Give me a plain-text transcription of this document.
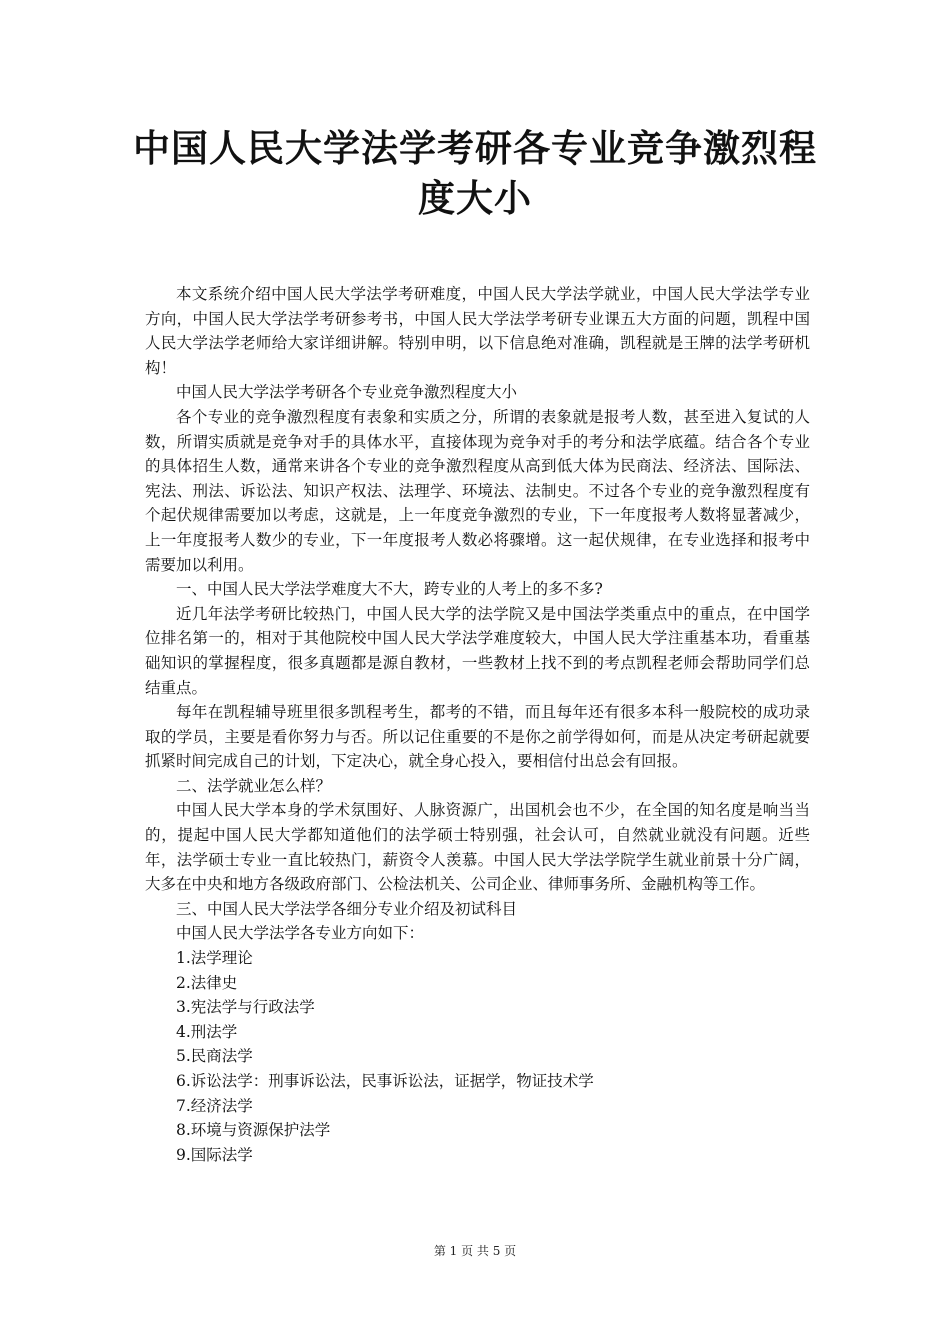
中国人民大学法学考研各专业竞争激烈程度大小

本文系统介绍中国人民大学法学考研难度，中国人民大学法学就业，中国人民大学法学专业方向，中国人民大学法学考研参考书，中国人民大学法学考研专业课五大方面的问题，凯程中国人民大学法学老师给大家详细讲解。特别申明，以下信息绝对准确，凯程就是王牌的法学考研机构！

中国人民大学法学考研各个专业竞争激烈程度大小

各个专业的竞争激烈程度有表象和实质之分，所谓的表象就是报考人数，甚至进入复试的人数，所谓实质就是竞争对手的具体水平，直接体现为竞争对手的考分和法学底蕴。结合各个专业的具体招生人数，通常来讲各个专业的竞争激烈程度从高到低大体为民商法、经济法、国际法、宪法、刑法、诉讼法、知识产权法、法理学、环境法、法制史。不过各个专业的竞争激烈程度有个起伏规律需要加以考虑，这就是，上一年度竞争激烈的专业，下一年度报考人数将显著减少，上一年度报考人数少的专业，下一年度报考人数必将骤增。这一起伏规律，在专业选择和报考中需要加以利用。

一、中国人民大学法学难度大不大，跨专业的人考上的多不多?

近几年法学考研比较热门，中国人民大学的法学院又是中国法学类重点中的重点，在中国学位排名第一的，相对于其他院校中国人民大学法学难度较大，中国人民大学注重基本功，看重基础知识的掌握程度，很多真题都是源自教材，一些教材上找不到的考点凯程老师会帮助同学们总结重点。

每年在凯程辅导班里很多凯程考生，都考的不错，而且每年还有很多本科一般院校的成功录取的学员，主要是看你努力与否。所以记住重要的不是你之前学得如何，而是从决定考研起就要抓紧时间完成自己的计划，下定决心，就全身心投入，要相信付出总会有回报。

二、法学就业怎么样？

中国人民大学本身的学术氛围好、人脉资源广，出国机会也不少，在全国的知名度是响当当的，提起中国人民大学都知道他们的法学硕士特别强，社会认可，自然就业就没有问题。近些年，法学硕士专业一直比较热门，薪资令人羡慕。中国人民大学法学院学生就业前景十分广阔，大多在中央和地方各级政府部门、公检法机关、公司企业、律师事务所、金融机构等工作。

三、中国人民大学法学各细分专业介绍及初试科目

中国人民大学法学各专业方向如下：

1.法学理论

2.法律史

3.宪法学与行政法学

4.刑法学

5.民商法学

6.诉讼法学：刑事诉讼法，民事诉讼法，证据学，物证技术学

7.经济法学

8.环境与资源保护法学

9.国际法学

第 1 页 共 5 页
